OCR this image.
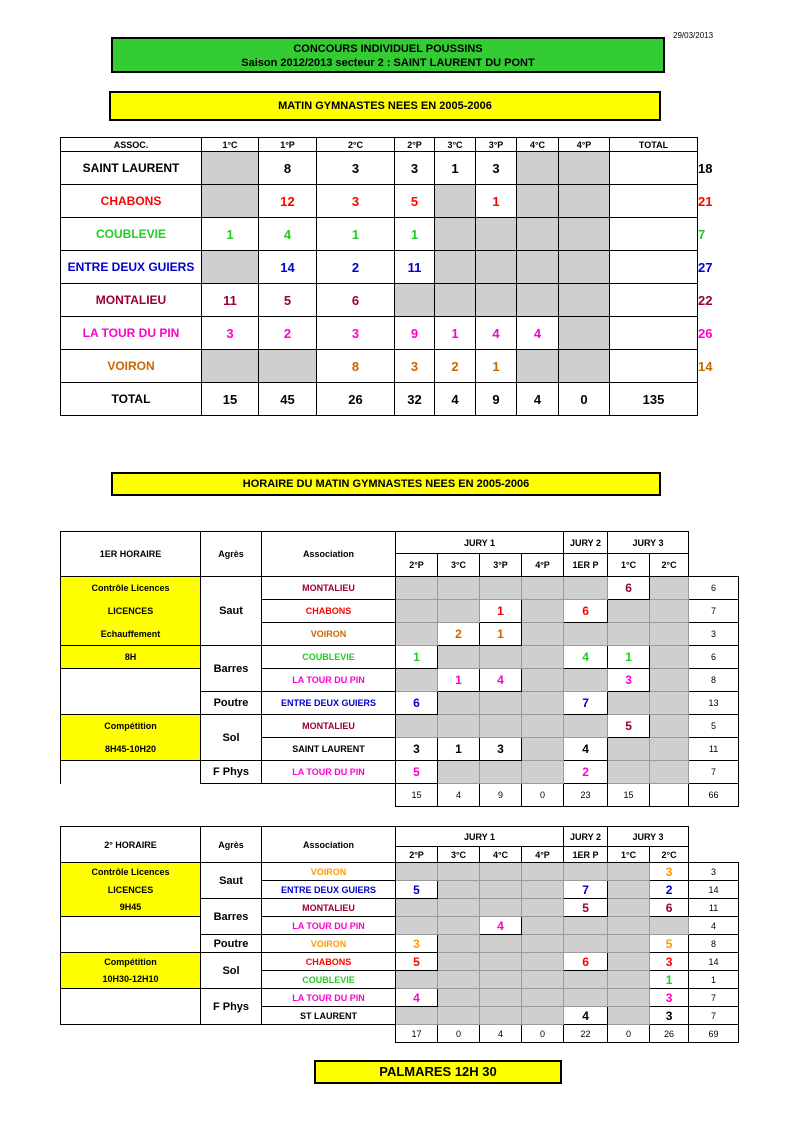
29/03/2013
CONCOURS INDIVIDUEL POUSSINS
Saison 2012/2013 secteur 2 : SAINT LAURENT DU PONT
MATIN GYMNASTES NEES EN 2005-2006
ASSOC.	1°C	1°P	2°C	2°P	3°C	3°P	4°C	4°P	TOTAL	
SAINT LAURENT		8	3	3	1	3				18
CHABONS		12	3	5		1				21
COUBLEVIE	1	4	1	1						7
ENTRE DEUX GUIERS		14	2	11						27
MONTALIEU	11	5	6							22
LA TOUR DU PIN	3	2	3	9	1	4	4			26
VOIRON			8	3	2	1				14
TOTAL	15	45	26	32	4	9	4	0	135	
HORAIRE DU MATIN GYMNASTES NEES EN 2005-2006
1ER HORAIRE	Agrès	Association	JURY 1				JURY 2	JURY 3		
			2°P	3°C	3°P	4°P	1ER P	1°C	2°C	
Contrôle Licences	Saut	MONTALIEU						6		6
LICENCES		CHABONS			1		6			7
Echauffement		VOIRON		2	1					3
8H	Barres	COUBLEVIE	1				4	1		6
		LA TOUR DU PIN		1	4			3		8
	Poutre	ENTRE DEUX GUIERS	6				7			13
Compétition	Sol	MONTALIEU						5		5
8H45-10H20		SAINT LAURENT	3	1	3		4			11
	F Phys	LA TOUR DU PIN	5				2			7
			15	4	9	0	23	15		66
2° HORAIRE	Agrès	Association	JURY 1				JURY 2	JURY 3		
			2°P	3°C	4°C	4°P	1ER P	1°C	2°C	
Contrôle Licences	Saut	VOIRON							3	3
LICENCES		ENTRE DEUX GUIERS	5				7		2	14
9H45	Barres	MONTALIEU					5		6	11
		LA TOUR DU PIN			4					4
	Poutre	VOIRON	3						5	8
Compétition	Sol	CHABONS	5				6		3	14
10H30-12H10		COUBLEVIE							1	1
	F Phys	LA TOUR DU PIN	4						3	7
		ST LAURENT					4		3	7
			17	0	4	0	22	0	26	69
PALMARES 12H 30
